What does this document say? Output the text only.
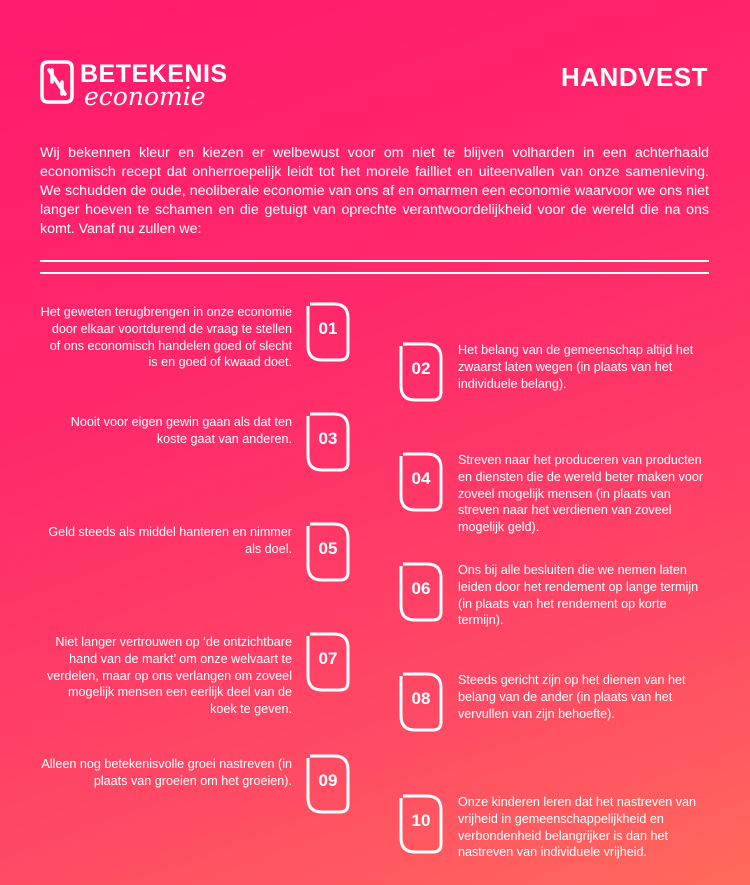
BETEKENIS
economie
HANDVEST

Wij bekennen kleur en kiezen er welbewust voor om niet te blijven volharden in een achterhaald economisch recept dat onherroepelijk leidt tot het morele failliet en uiteenvallen van onze samenleving. We schudden de oude, neoliberale economie van ons af en omarmen een economie waarvoor we ons niet langer hoeven te schamen en die getuigt van oprechte verantwoordelijkheid voor de wereld die na ons komt. Vanaf nu zullen we:

Het geweten terugbrengen in onze economie door elkaar voortdurend de vraag te stellen of ons economisch handelen goed of slecht is en goed of kwaad doet.

01

Het belang van de gemeenschap altijd het zwaarst laten wegen (in plaats van het individuele belang).

02

Nooit voor eigen gewin gaan als dat ten koste gaat van anderen.	03

Streven naar het produceren van producten en diensten die de wereld beter maken voor zoveel mogelijk mensen (in plaats van streven naar het verdienen van zoveel mogelijk geld).

04

Geld steeds als middel hanteren en nimmer als doel.	05

Ons bij alle besluiten die we nemen laten leiden door het rendement op lange termijn (in plaats van het rendement op korte termijn).

06

Niet langer vertrouwen op ‘de ontzichtbare hand van de markt’ om onze welvaart te verdelen, maar op ons verlangen om zoveel mogelijk mensen een eerlijk deel van de koek te geven.

07

Steeds gericht zijn op het dienen van het belang van de ander (in plaats van het vervullen van zijn behoefte).

08

Alleen nog betekenisvolle groei nastreven (in plaats van groeien om het groeien).	09

Onze kinderen leren dat het nastreven van vrijheid in gemeenschappelijkheid en verbondenheid belangrijker is dan het nastreven van individuele vrijheid.

10
